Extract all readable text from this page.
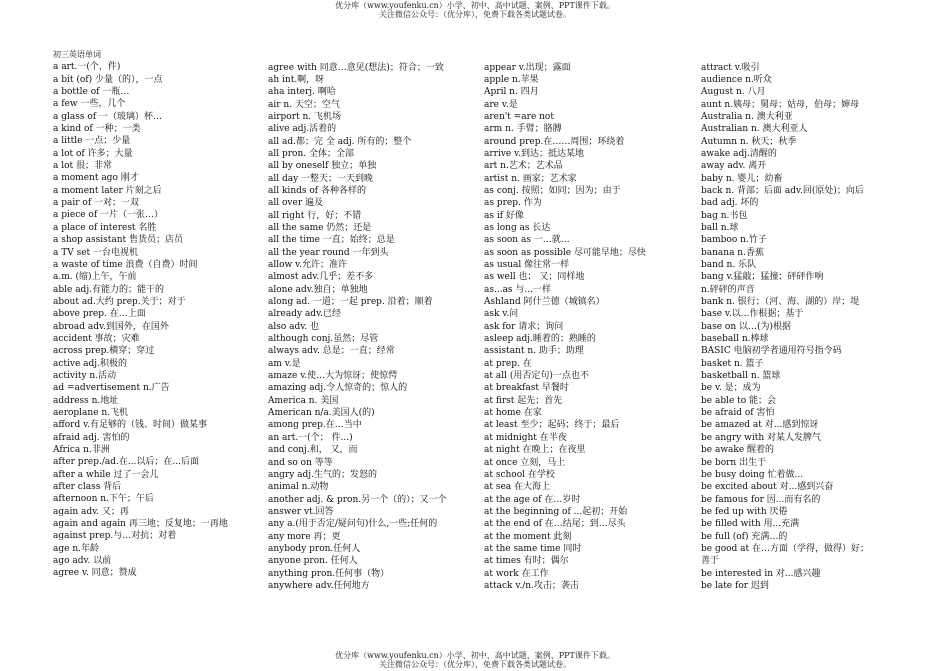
优分库（www.youfenku.cn）小学、初中、高中试题、案例、PPT课件下载。
关注微信公众号：（优分库），免费下载各类试题试卷。
初三英语单词
a art.一(个，件)
a bit (of) 少量（的），一点
a bottle of 一瓶…
a few 一些，几个
a glass of 一（玻璃）杯…
a kind of 一种；一类
a little 一点；少量
a lot of 许多；大量
a lot 很；非常
a moment ago 刚才
a moment later 片刻之后
a pair of 一对；一双
a piece of 一片（一张…）
a place of interest 名胜
a shop assistant 售货员；店员
a TV set 一台电视机
a waste of time 浪费（自费）时间
a.m. (缩)上午，午前
able adj.有能力的；能干的
about ad.大约 prep.关于；对于
above prep. 在…上面
abroad adv.到国外，在国外
accident 事故；灾难
across prep.横穿；穿过
active adj.积极的
activity n.活动
ad =advertisement n.广告
address n.地址
aeroplane n.飞机
afford v.有足够的（钱、时间）做某事
afraid adj. 害怕的
Africa n.非洲
after prep./ad.在...以后；在...后面
after a while 过了一会儿
after class 背后
afternoon n.下午；午后
again adv. 又；再
again and again 再三地；反复地；一再地
against prep.与…对抗；对着
age n.年龄
ago adv. 以前
agree v. 同意；赞成
agree with 同意…意见(想法)；符合；一致
ah int.啊，呀
aha interj. 啊哈
air n. 天空；空气
airport n. 飞机场
alive adj.活着的
all ad.都；完 全 adj. 所有的；整个
all pron. 全体；全部
all by oneself 独立；单独
all day 一整天；一天到晚
all kinds of 各种各样的
all over 遍及
all right 行，好；不错
all the same 仍然；还是
all the time 一直；始终；总是
all the year round 一年到头
allow v.允许；准许
almost adv.几乎；差不多
alone adv.独自；单独地
along ad. 一道；一起 prep. 沿着；顺着
already adv.已经
also adv. 也
although conj.虽然；尽管
always adv. 总是；一直；经常
am v.是
amaze v.使…大为惊讶；使惊愕
amazing adj.令人惊奇的；惊人的
America n. 美国
American n/a.美国人(的)
among prep.在…当中
an art.一(个； 件...)
and conj.和， 又，而
and so on 等等
angry adj.生气的；发怒的
animal n.动物
another adj. & pron.另一个（的）；又一个
answer vt.回答
any a.(用于否定/疑问句)什么,一些;任何的
any more 再；更
anybody pron.任何人
anyone pron. 任何人
anything pron.任何事（物）
anywhere adv.任何地方
appear v.出现；露面
apple n.苹果
April n. 四月
are v.是
aren't =are not
arm n. 手臂；胳膊
around prep.在……周围；环绕着
arrive v.到达；抵达某地
art n.艺术；艺术品
artist n. 画家；艺术家
as conj. 按照；如同；因为；由于
as prep. 作为
as if 好像
as long as 长达
as soon as 一…就…
as soon as possible 尽可能早地；尽快
as usual 像往常一样
as well 也； 又；同样地
as...as 与...一样
Ashland 阿什兰德（城镇名）
ask v.问
ask for 请求；询问
asleep adj.睡着的；熟睡的
assistant n. 助手；助理
at prep. 在
at all (用否定句)一点也不
at breakfast 早餐时
at first 起先；首先
at home 在家
at least 至少；起码；终于；最后
at midnight 在半夜
at night 在晚上；在夜里
at once 立刻，马上
at school 在学校
at sea 在大海上
at the age of 在…岁时
at the beginning of ...起初；开始
at the end of 在…结尾；到…尽头
at the moment 此刻
at the same time 同时
at times 有时；偶尔
at work 在工作
attack v./n.攻击；袭击
attract v.吸引
audience n.听众
August n. 八月
aunt n.姨母；舅母；姑母，伯母；婶母
Australia n. 澳大利亚
Australian n. 澳大利亚人
Autumn n. 秋天；秋季
awake adj.清醒的
away adv. 离开
baby n. 婴儿；幼畜
back n. 背部；后面 adv.回(原处)；向后
bad adj. 坏的
bag n.书包
ball n.球
bamboo n.竹子
banana n.香蕉
band n. 乐队
bang v.猛敲；猛撞；砰砰作响
n.砰砰的声音
bank n. 银行；（河、海、湖的）岸；堤
base v.以...作根据；基于
base on 以…(为)根据
baseball n.棒球
BASIC 电脑初学者通用符号指令码
basket n. 篮子
basketball n. 篮球
be v. 是；成为
be able to 能；会
be afraid of 害怕
be amazed at 对...感到惊讶
be angry with 对某人发脾气
be awake 醒着的
be born 出生于
be busy doing 忙着做...
be excited about 对...感到兴奋
be famous for 因...而有名的
be fed up with 厌倦
be filled with 用...充满
be full (of) 充满…的
be good at 在…方面（学得，做得）好；
善于
be interested in 对...感兴趣
be late for 迟到
优分库（www.youfenku.cn）小学、初中、高中试题、案例、PPT课件下载。
关注微信公众号：（优分库），免费下载各类试题试卷。
